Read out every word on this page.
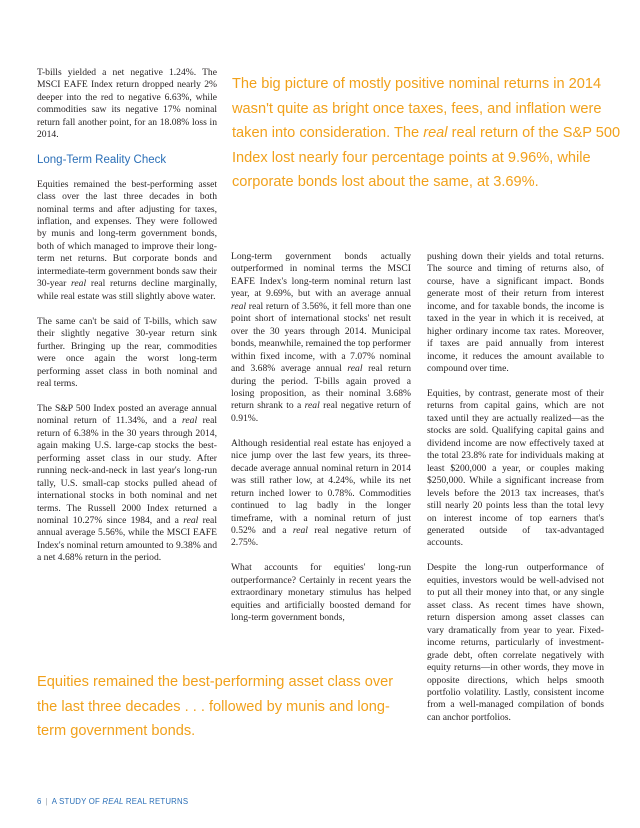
T-bills yielded a net negative 1.24%. The MSCI EAFE Index return dropped nearly 2% deeper into the red to negative 6.63%, while commodities saw its negative 17% nominal return fall another point, for an 18.08% loss in 2014.

Long-Term Reality Check

Equities remained the best-performing asset class over the last three decades in both nominal terms and after adjusting for taxes, inflation, and expenses. They were followed by munis and long-term government bonds, both of which managed to improve their long-term net returns. But corporate bonds and intermediate-term government bonds saw their 30-year real real returns decline marginally, while real estate was still slightly above water.

The same can't be said of T-bills, which saw their slightly negative 30-year return sink further. Bringing up the rear, commodities were once again the worst long-term performing asset class in both nominal and real terms.

The S&P 500 Index posted an average annual nominal return of 11.34%, and a real real return of 6.38% in the 30 years through 2014, again making U.S. large-cap stocks the best-performing asset class in our study. After running neck-and-neck in last year's long-run tally, U.S. small-cap stocks pulled ahead of international stocks in both nominal and net terms. The Russell 2000 Index returned a nominal 10.27% since 1984, and a real real annual average 5.56%, while the MSCI EAFE Index's nominal return amounted to 9.38% and a net 4.68% return in the period.

The big picture of mostly positive nominal returns in 2014 wasn't quite as bright once taxes, fees, and inflation were taken into consideration. The real real return of the S&P 500 Index lost nearly four percentage points at 9.96%, while corporate bonds lost about the same, at 3.69%.

Long-term government bonds actually outperformed in nominal terms the MSCI EAFE Index's long-term nominal return last year, at 9.69%, but with an average annual real real return of 3.56%, it fell more than one point short of international stocks' net result over the 30 years through 2014. Municipal bonds, meanwhile, remained the top performer within fixed income, with a 7.07% nominal and 3.68% average annual real real return during the period. T-bills again proved a losing proposition, as their nominal 3.68% return shrank to a real real negative return of 0.91%.

Although residential real estate has enjoyed a nice jump over the last few years, its three-decade average annual nominal return in 2014 was still rather low, at 4.24%, while its net return inched lower to 0.78%. Commodities continued to lag badly in the longer timeframe, with a nominal return of just 0.52% and a real real negative return of 2.75%.

What accounts for equities' long-run outperformance? Certainly in recent years the extraordinary monetary stimulus has helped equities and artificially boosted demand for long-term government bonds,

pushing down their yields and total returns. The source and timing of returns also, of course, have a significant impact. Bonds generate most of their return from interest income, and for taxable bonds, the income is taxed in the year in which it is received, at higher ordinary income tax rates. Moreover, if taxes are paid annually from interest income, it reduces the amount available to compound over time.

Equities, by contrast, generate most of their returns from capital gains, which are not taxed until they are actually realized—as the stocks are sold. Qualifying capital gains and dividend income are now effectively taxed at the total 23.8% rate for individuals making at least $200,000 a year, or couples making $250,000. While a significant increase from levels before the 2013 tax increases, that's still nearly 20 points less than the total levy on interest income of top earners that's generated outside of tax-advantaged accounts.

Despite the long-run outperformance of equities, investors would be well-advised not to put all their money into that, or any single asset class. As recent times have shown, return dispersion among asset classes can vary dramatically from year to year. Fixed-income returns, particularly of investment-grade debt, often correlate negatively with equity returns—in other words, they move in opposite directions, which helps smooth portfolio volatility. Lastly, consistent income from a well-managed compilation of bonds can anchor portfolios.

Equities remained the best-performing asset class over the last three decades . . . followed by munis and long-term government bonds.

6 | A STUDY OF REAL REAL RETURNS
